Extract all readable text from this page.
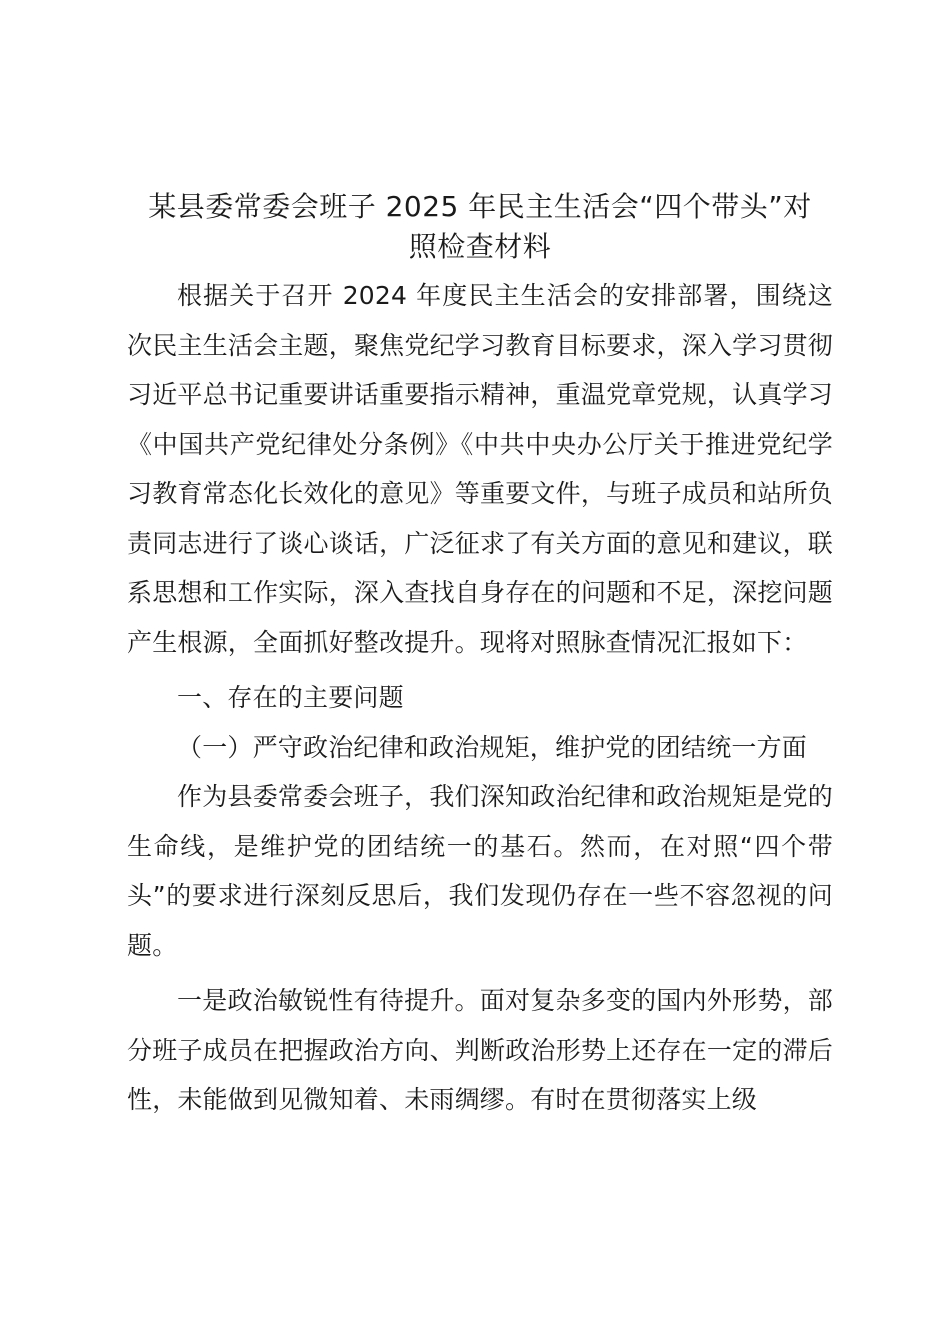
某县委常委会班子 2025 年民主生活会“四个带头”对
照检查材料

根据关于召开 2024 年度民主生活会的安排部署，围绕这次民主生活会主题，聚焦党纪学习教育目标要求，深入学习贯彻习近平总书记重要讲话重要指示精神，重温党章党规，认真学习《中国共产党纪律处分条例》《中共中央办公厅关于推进党纪学习教育常态化长效化的意见》等重要文件，与班子成员和站所负责同志进行了谈心谈话，广泛征求了有关方面的意见和建议，联系思想和工作实际，深入查找自身存在的问题和不足，深挖问题产生根源，全面抓好整改提升。现将对照脉查情况汇报如下：

一、存在的主要问题

（一）严守政治纪律和政治规矩，维护党的团结统一方面

作为县委常委会班子，我们深知政治纪律和政治规矩是党的生命线，是维护党的团结统一的基石。然而，在对照“四个带头”的要求进行深刻反思后，我们发现仍存在一些不容忽视的问题。

一是政治敏锐性有待提升。面对复杂多变的国内外形势，部分班子成员在把握政治方向、判断政治形势上还存在一定的滞后性，未能做到见微知着、未雨绸缪。有时在贯彻落实上级
